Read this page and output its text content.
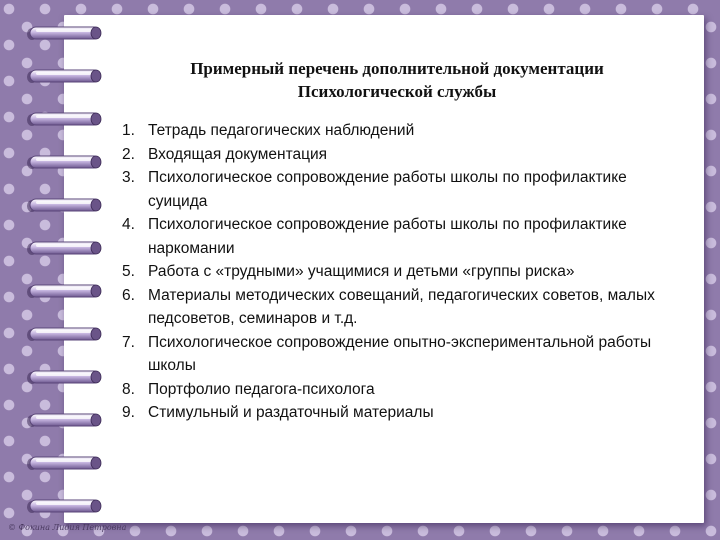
Примерный перечень дополнительной документации
Психологической службы
1. Тетрадь педагогических наблюдений
2. Входящая документация
3. Психологическое сопровождение работы школы по профилактике суицида
4. Психологическое сопровождение работы школы по профилактике наркомании
5. Работа с «трудными» учащимися и детьми «группы риска»
6. Материалы методических совещаний, педагогических советов, малых педсоветов, семинаров и т.д.
7. Психологическое сопровождение опытно-экспериментальной работы школы
8. Портфолио педагога-психолога
9. Стимульный и раздаточный материалы
© Фокина Лидия Петровна
